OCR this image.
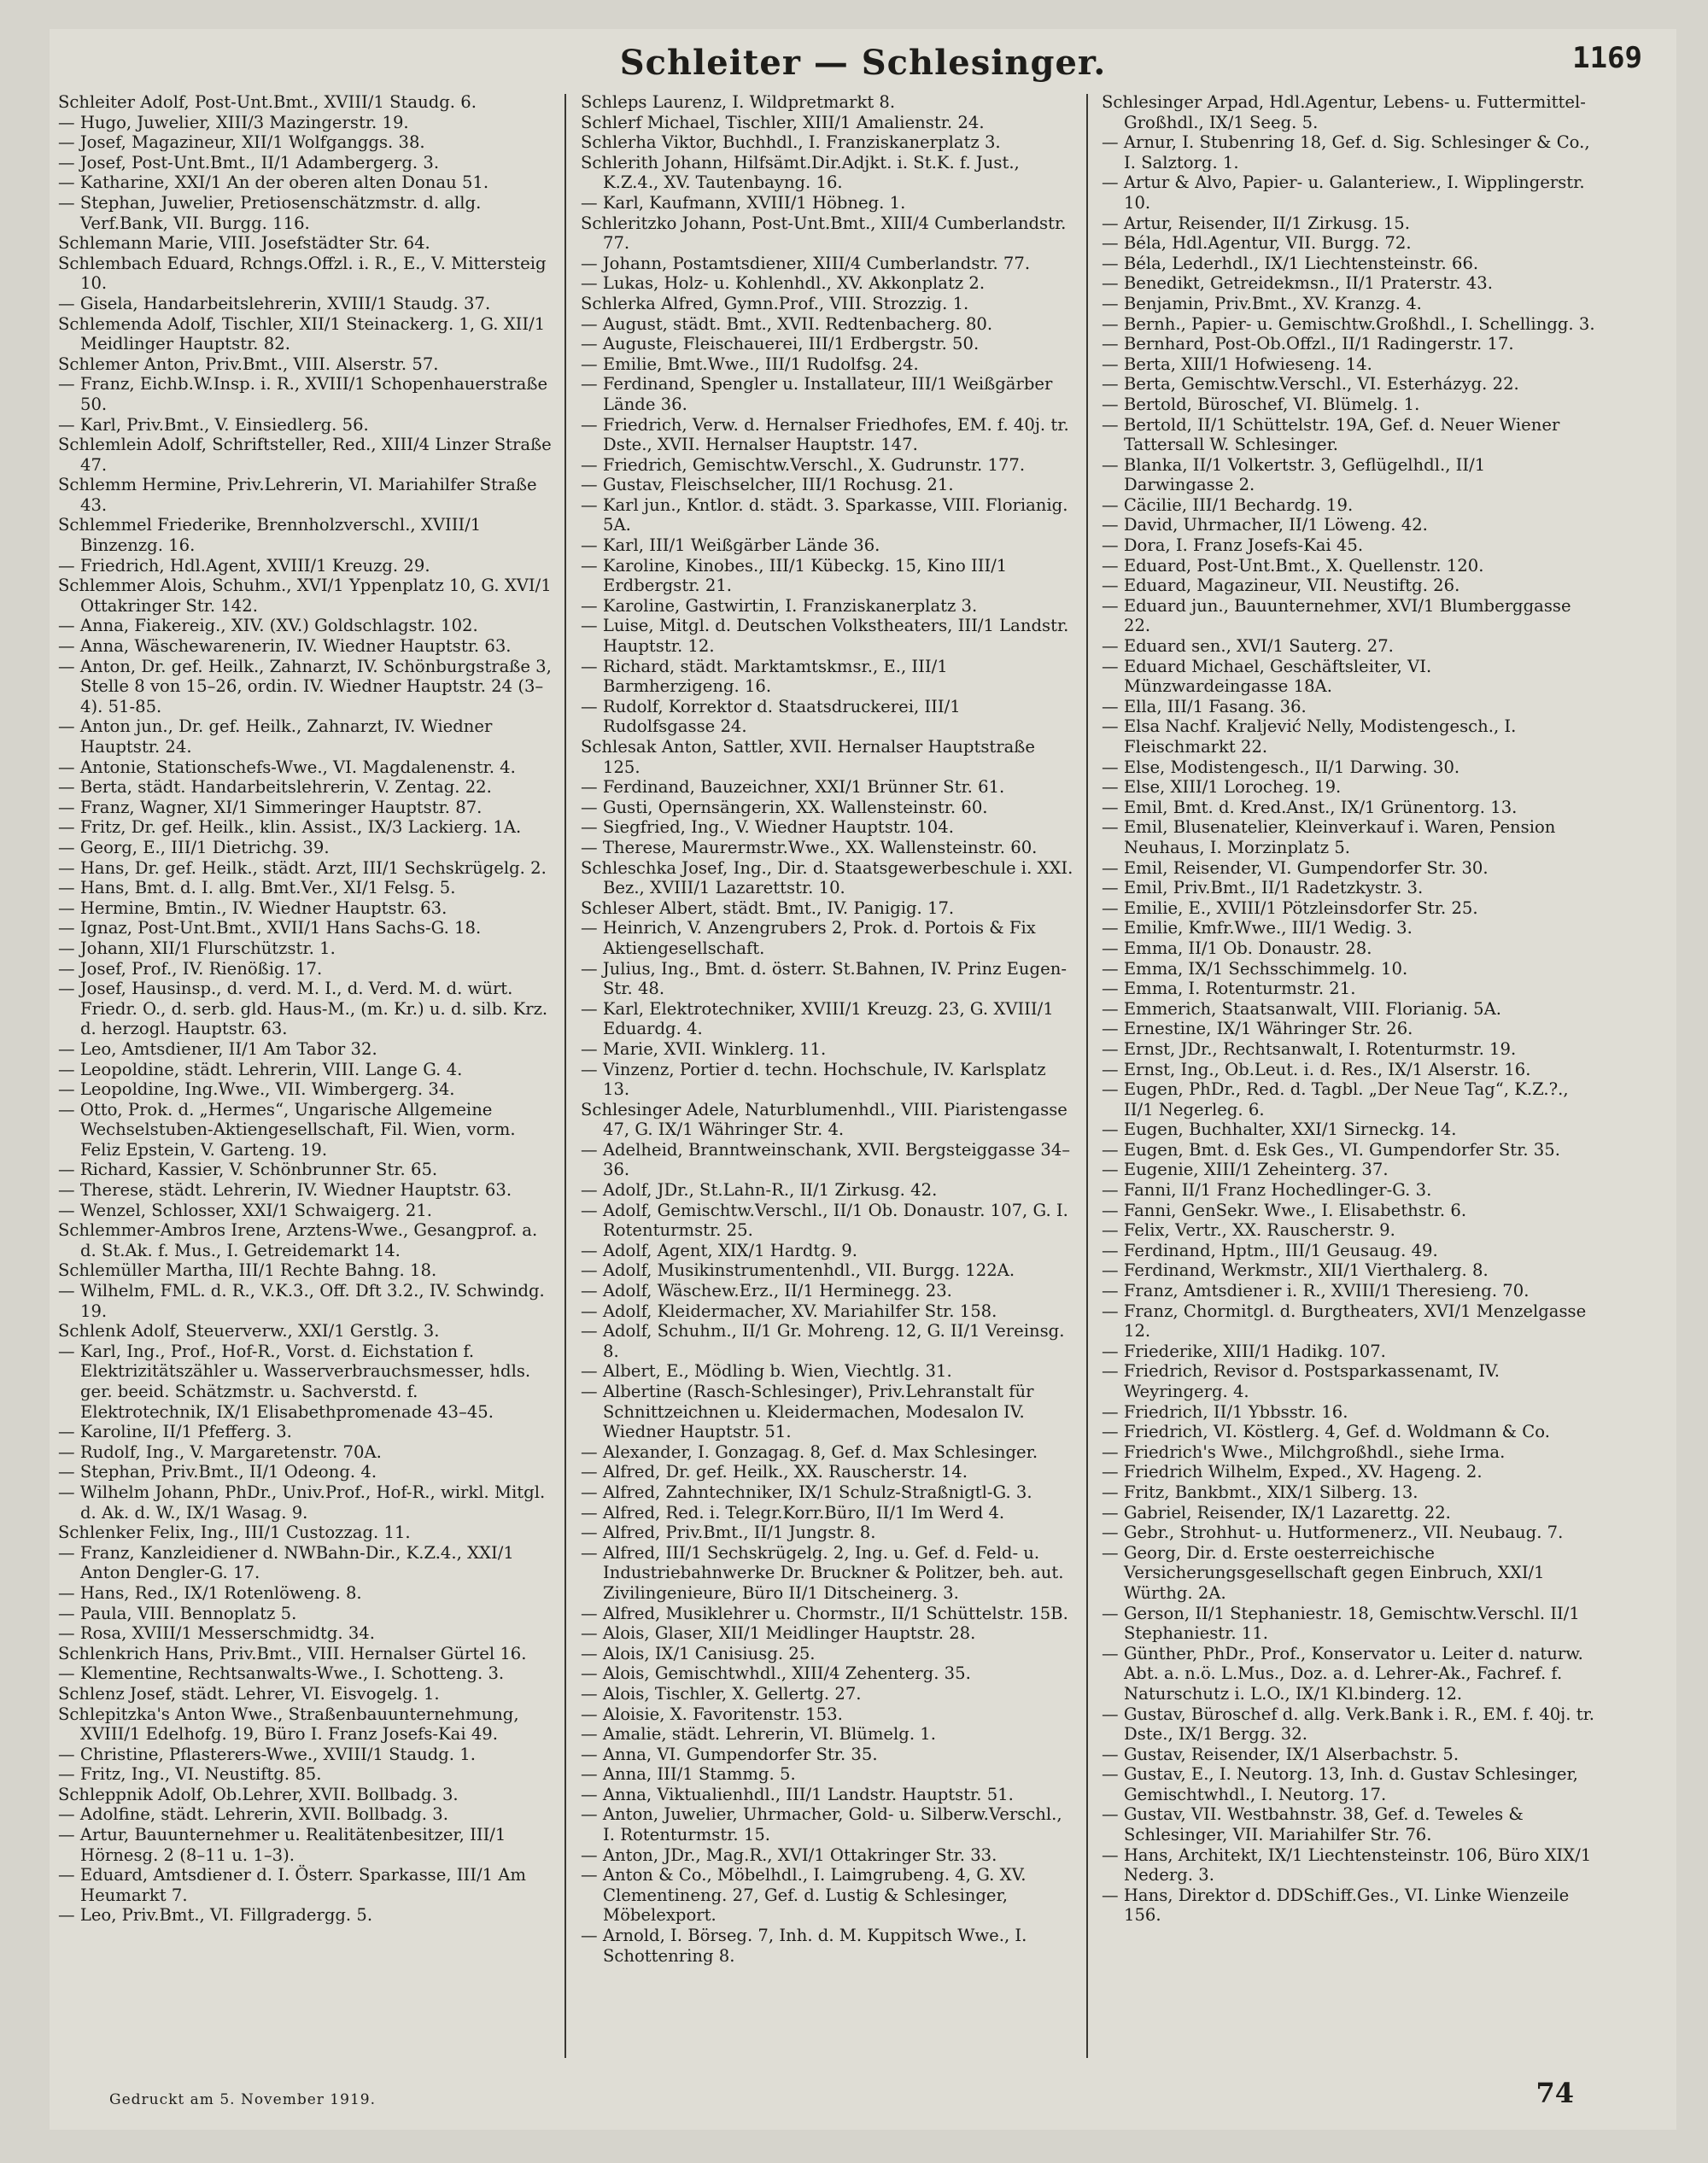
Schleiter — Schlesinger.	1169

Schleiter Adolf, Post-Unt.Bmt., XVIII/1 Staudg. 6.

— Hugo, Juwelier, XIII/3 Mazingerstr. 19.

— Josef, Magazineur, XII/1 Wolfganggs. 38.

— Josef, Post-Unt.Bmt., II/1 Adambergerg. 3.

— Katharine, XXI/1 An der oberen alten Donau 51.

— Stephan, Juwelier, Pretiosenschätzmstr. d. allg. Verf.Bank, VII. Burgg. 116.

Schlemann Marie, VIII. Josefstädter Str. 64.

Schlembach Eduard, Rchngs.Offzl. i. R., E., V. Mittersteig 10.

— Gisela, Handarbeitslehrerin, XVIII/1 Staudg. 37.

Schlemenda Adolf, Tischler, XII/1 Steinackerg. 1, G. XII/1 Meidlinger Hauptstr. 82.

Schlemer Anton, Priv.Bmt., VIII. Alserstr. 57.

— Franz, Eichb.W.Insp. i. R., XVIII/1 Schopenhauerstraße 50.

— Karl, Priv.Bmt., V. Einsiedlerg. 56.

Schlemlein Adolf, Schriftsteller, Red., XIII/4 Linzer Straße 47.

Schlemm Hermine, Priv.Lehrerin, VI. Mariahilfer Straße 43.

Schlemmel Friederike, Brennholzverschl., XVIII/1 Binzenzg. 16.

— Friedrich, Hdl.Agent, XVIII/1 Kreuzg. 29.

Schlemmer Alois, Schuhm., XVI/1 Yppenplatz 10, G. XVI/1 Ottakringer Str. 142.

— Anna, Fiakereig., XIV. (XV.) Goldschlagstr. 102.

— Anna, Wäschewarenerin, IV. Wiedner Hauptstr. 63.

— Anton, Dr. gef. Heilk., Zahnarzt, IV. Schönburgstraße 3, Stelle 8 von 15–26, ordin. IV. Wiedner Hauptstr. 24 (3–4). 51-85.

— Anton jun., Dr. gef. Heilk., Zahnarzt, IV. Wiedner Hauptstr. 24.

— Antonie, Stationschefs-Wwe., VI. Magdalenenstr. 4.

— Berta, städt. Handarbeitslehrerin, V. Zentag. 22.

— Franz, Wagner, XI/1 Simmeringer Hauptstr. 87.

— Fritz, Dr. gef. Heilk., klin. Assist., IX/3 Lackierg. 1A.

— Georg, E., III/1 Dietrichg. 39.

— Hans, Dr. gef. Heilk., städt. Arzt, III/1 Sechskrügelg. 2.

— Hans, Bmt. d. I. allg. Bmt.Ver., XI/1 Felsg. 5.

— Hermine, Bmtin., IV. Wiedner Hauptstr. 63.

— Ignaz, Post-Unt.Bmt., XVII/1 Hans Sachs-G. 18.

— Johann, XII/1 Flurschützstr. 1.

— Josef, Prof., IV. Rienößig. 17.

— Josef, Hausinsp., d. verd. M. I., d. Verd. M. d. würt. Friedr. O., d. serb. gld. Haus-M., (m. Kr.) u. d. silb. Krz. d. herzogl. Hauptstr. 63.

— Leo, Amtsdiener, II/1 Am Tabor 32.

— Leopoldine, städt. Lehrerin, VIII. Lange G. 4.

— Leopoldine, Ing.Wwe., VII. Wimbergerg. 34.

— Otto, Prok. d. „Hermes“, Ungarische Allgemeine Wechselstuben-Aktiengesellschaft, Fil. Wien, vorm. Feliz Epstein, V. Garteng. 19.

— Richard, Kassier, V. Schönbrunner Str. 65.

— Therese, städt. Lehrerin, IV. Wiedner Hauptstr. 63.

— Wenzel, Schlosser, XXI/1 Schwaigerg. 21.

Schlemmer-Ambros Irene, Arztens-Wwe., Gesangprof. a. d. St.Ak. f. Mus., I. Getreidemarkt 14.

Schlemüller Martha, III/1 Rechte Bahng. 18.

— Wilhelm, FML. d. R., V.K.3., Off. Dft 3.2., IV. Schwindg. 19.

Schlenk Adolf, Steuerverw., XXI/1 Gerstlg. 3.

— Karl, Ing., Prof., Hof-R., Vorst. d. Eichstation f. Elektrizitätszähler u. Wasserverbrauchsmesser, hdls. ger. beeid. Schätzmstr. u. Sachverstd. f. Elektrotechnik, IX/1 Elisabethpromenade 43–45.

— Karoline, II/1 Pfefferg. 3.

— Rudolf, Ing., V. Margaretenstr. 70A.

— Stephan, Priv.Bmt., II/1 Odeong. 4.

— Wilhelm Johann, PhDr., Univ.Prof., Hof-R., wirkl. Mitgl. d. Ak. d. W., IX/1 Wasag. 9.

Schlenker Felix, Ing., III/1 Custozzag. 11.

— Franz, Kanzleidiener d. NWBahn-Dir., K.Z.4., XXI/1 Anton Dengler-G. 17.

— Hans, Red., IX/1 Rotenlöweng. 8.

— Paula, VIII. Bennoplatz 5.

— Rosa, XVIII/1 Messerschmidtg. 34.

Schlenkrich Hans, Priv.Bmt., VIII. Hernalser Gürtel 16.

— Klementine, Rechtsanwalts-Wwe., I. Schotteng. 3.

Schlenz Josef, städt. Lehrer, VI. Eisvogelg. 1.

Schlepitzka's Anton Wwe., Straßenbauunternehmung, XVIII/1 Edelhofg. 19, Büro I. Franz Josefs-Kai 49.

— Christine, Pflasterers-Wwe., XVIII/1 Staudg. 1.

— Fritz, Ing., VI. Neustiftg. 85.

Schleppnik Adolf, Ob.Lehrer, XVII. Bollbadg. 3.

— Adolfine, städt. Lehrerin, XVII. Bollbadg. 3.

— Artur, Bauunternehmer u. Realitätenbesitzer, III/1 Hörnesg. 2 (8–11 u. 1–3).

— Eduard, Amtsdiener d. I. Österr. Sparkasse, III/1 Am Heumarkt 7.

— Leo, Priv.Bmt., VI. Fillgradergg. 5.

Schleps Laurenz, I. Wildpretmarkt 8.

Schlerf Michael, Tischler, XIII/1 Amalienstr. 24.

Schlerha Viktor, Buchhdl., I. Franziskanerplatz 3.

Schlerith Johann, Hilfsämt.Dir.Adjkt. i. St.K. f. Just., K.Z.4., XV. Tautenbayng. 16.

— Karl, Kaufmann, XVIII/1 Höbneg. 1.

Schleritzko Johann, Post-Unt.Bmt., XIII/4 Cumberlandstr. 77.

— Johann, Postamtsdiener, XIII/4 Cumberlandstr. 77.

— Lukas, Holz- u. Kohlenhdl., XV. Akkonplatz 2.

Schlerka Alfred, Gymn.Prof., VIII. Strozzig. 1.

— August, städt. Bmt., XVII. Redtenbacherg. 80.

— Auguste, Fleischauerei, III/1 Erdbergstr. 50.

— Emilie, Bmt.Wwe., III/1 Rudolfsg. 24.

— Ferdinand, Spengler u. Installateur, III/1 Weißgärber Lände 36.

— Friedrich, Verw. d. Hernalser Friedhofes, EM. f. 40j. tr. Dste., XVII. Hernalser Hauptstr. 147.

— Friedrich, Gemischtw.Verschl., X. Gudrunstr. 177.

— Gustav, Fleischselcher, III/1 Rochusg. 21.

— Karl jun., Kntlor. d. städt. 3. Sparkasse, VIII. Florianig. 5A.

— Karl, III/1 Weißgärber Lände 36.

— Karoline, Kinobes., III/1 Kübeckg. 15, Kino III/1 Erdbergstr. 21.

— Karoline, Gastwirtin, I. Franziskanerplatz 3.

— Luise, Mitgl. d. Deutschen Volkstheaters, III/1 Landstr. Hauptstr. 12.

— Richard, städt. Marktamtskmsr., E., III/1 Barmherzigeng. 16.

— Rudolf, Korrektor d. Staatsdruckerei, III/1 Rudolfsgasse 24.

Schlesak Anton, Sattler, XVII. Hernalser Hauptstraße 125.

— Ferdinand, Bauzeichner, XXI/1 Brünner Str. 61.

— Gusti, Opernsängerin, XX. Wallensteinstr. 60.

— Siegfried, Ing., V. Wiedner Hauptstr. 104.

— Therese, Maurermstr.Wwe., XX. Wallensteinstr. 60.

Schleschka Josef, Ing., Dir. d. Staatsgewerbeschule i. XXI. Bez., XVIII/1 Lazarettstr. 10.

Schleser Albert, städt. Bmt., IV. Panigig. 17.

— Heinrich, V. Anzengrubers 2, Prok. d. Portois & Fix Aktiengesellschaft.

— Julius, Ing., Bmt. d. österr. St.Bahnen, IV. Prinz Eugen-Str. 48.

— Karl, Elektrotechniker, XVIII/1 Kreuzg. 23, G. XVIII/1 Eduardg. 4.

— Marie, XVII. Winklerg. 11.

— Vinzenz, Portier d. techn. Hochschule, IV. Karlsplatz 13.

Schlesinger Adele, Naturblumenhdl., VIII. Piaristengasse 47, G. IX/1 Währinger Str. 4.

— Adelheid, Branntweinschank, XVII. Bergsteiggasse 34–36.

— Adolf, JDr., St.Lahn-R., II/1 Zirkusg. 42.

— Adolf, Gemischtw.Verschl., II/1 Ob. Donaustr. 107, G. I. Rotenturmstr. 25.

— Adolf, Agent, XIX/1 Hardtg. 9.

— Adolf, Musikinstrumentenhdl., VII. Burgg. 122A.

— Adolf, Wäschew.Erz., II/1 Herminegg. 23.

— Adolf, Kleidermacher, XV. Mariahilfer Str. 158.

— Adolf, Schuhm., II/1 Gr. Mohreng. 12, G. II/1 Vereinsg. 8.

— Albert, E., Mödling b. Wien, Viechtlg. 31.

— Albertine (Rasch-Schlesinger), Priv.Lehranstalt für Schnittzeichnen u. Kleidermachen, Modesalon IV. Wiedner Hauptstr. 51.

— Alexander, I. Gonzagag. 8, Gef. d. Max Schlesinger.

— Alfred, Dr. gef. Heilk., XX. Rauscherstr. 14.

— Alfred, Zahntechniker, IX/1 Schulz-Straßnigtl-G. 3.

— Alfred, Red. i. Telegr.Korr.Büro, II/1 Im Werd 4.

— Alfred, Priv.Bmt., II/1 Jungstr. 8.

— Alfred, III/1 Sechskrügelg. 2, Ing. u. Gef. d. Feld- u. Industriebahnwerke Dr. Bruckner & Politzer, beh. aut. Zivilingenieure, Büro II/1 Ditscheinerg. 3.

— Alfred, Musiklehrer u. Chormstr., II/1 Schüttelstr. 15B.

— Alois, Glaser, XII/1 Meidlinger Hauptstr. 28.

— Alois, IX/1 Canisiusg. 25.

— Alois, Gemischtwhdl., XIII/4 Zehenterg. 35.

— Alois, Tischler, X. Gellertg. 27.

— Aloisie, X. Favoritenstr. 153.

— Amalie, städt. Lehrerin, VI. Blümelg. 1.

— Anna, VI. Gumpendorfer Str. 35.

— Anna, III/1 Stammg. 5.

— Anna, Viktualienhdl., III/1 Landstr. Hauptstr. 51.

— Anton, Juwelier, Uhrmacher, Gold- u. Silberw.Verschl., I. Rotenturmstr. 15.

— Anton, JDr., Mag.R., XVI/1 Ottakringer Str. 33.

— Anton & Co., Möbelhdl., I. Laimgrubeng. 4, G. XV. Clementineng. 27, Gef. d. Lustig & Schlesinger, Möbelexport.

— Arnold, I. Börseg. 7, Inh. d. M. Kuppitsch Wwe., I. Schottenring 8.

Schlesinger Arpad, Hdl.Agentur, Lebens- u. Futtermittel-Großhdl., IX/1 Seeg. 5.

— Arnur, I. Stubenring 18, Gef. d. Sig. Schlesinger & Co., I. Salztorg. 1.

— Artur & Alvo, Papier- u. Galanteriew., I. Wipplingerstr. 10.

— Artur, Reisender, II/1 Zirkusg. 15.

— Béla, Hdl.Agentur, VII. Burgg. 72.

— Béla, Lederhdl., IX/1 Liechtensteinstr. 66.

— Benedikt, Getreidekmsn., II/1 Praterstr. 43.

— Benjamin, Priv.Bmt., XV. Kranzg. 4.

— Bernh., Papier- u. Gemischtw.Großhdl., I. Schellingg. 3.

— Bernhard, Post-Ob.Offzl., II/1 Radingerstr. 17.

— Berta, XIII/1 Hofwieseng. 14.

— Berta, Gemischtw.Verschl., VI. Esterházyg. 22.

— Bertold, Büroschef, VI. Blümelg. 1.

— Bertold, II/1 Schüttelstr. 19A, Gef. d. Neuer Wiener Tattersall W. Schlesinger.

— Blanka, II/1 Volkertstr. 3, Geflügelhdl., II/1 Darwingasse 2.

— Cäcilie, III/1 Bechardg. 19.

— David, Uhrmacher, II/1 Löweng. 42.

— Dora, I. Franz Josefs-Kai 45.

— Eduard, Post-Unt.Bmt., X. Quellenstr. 120.

— Eduard, Magazineur, VII. Neustiftg. 26.

— Eduard jun., Bauunternehmer, XVI/1 Blumberggasse 22.

— Eduard sen., XVI/1 Sauterg. 27.

— Eduard Michael, Geschäftsleiter, VI. Münzwardeingasse 18A.

— Ella, III/1 Fasang. 36.

— Elsa Nachf. Kraljević Nelly, Modistengesch., I. Fleischmarkt 22.

— Else, Modistengesch., II/1 Darwing. 30.

— Else, XIII/1 Lorocheg. 19.

— Emil, Bmt. d. Kred.Anst., IX/1 Grünentorg. 13.

— Emil, Blusenatelier, Kleinverkauf i. Waren, Pension Neuhaus, I. Morzinplatz 5.

— Emil, Reisender, VI. Gumpendorfer Str. 30.

— Emil, Priv.Bmt., II/1 Radetzkystr. 3.

— Emilie, E., XVIII/1 Pötzleinsdorfer Str. 25.

— Emilie, Kmfr.Wwe., III/1 Wedig. 3.

— Emma, II/1 Ob. Donaustr. 28.

— Emma, IX/1 Sechsschimmelg. 10.

— Emma, I. Rotenturmstr. 21.

— Emmerich, Staatsanwalt, VIII. Florianig. 5A.

— Ernestine, IX/1 Währinger Str. 26.

— Ernst, JDr., Rechtsanwalt, I. Rotenturmstr. 19.

— Ernst, Ing., Ob.Leut. i. d. Res., IX/1 Alserstr. 16.

— Eugen, PhDr., Red. d. Tagbl. „Der Neue Tag“, K.Z.?., II/1 Negerleg. 6.

— Eugen, Buchhalter, XXI/1 Sirneckg. 14.

— Eugen, Bmt. d. Esk Ges., VI. Gumpendorfer Str. 35.

— Eugenie, XIII/1 Zeheinterg. 37.

— Fanni, II/1 Franz Hochedlinger-G. 3.

— Fanni, GenSekr. Wwe., I. Elisabethstr. 6.

— Felix, Vertr., XX. Rauscherstr. 9.

— Ferdinand, Hptm., III/1 Geusaug. 49.

— Ferdinand, Werkmstr., XII/1 Vierthalerg. 8.

— Franz, Amtsdiener i. R., XVIII/1 Theresieng. 70.

— Franz, Chormitgl. d. Burgtheaters, XVI/1 Menzelgasse 12.

— Friederike, XIII/1 Hadikg. 107.

— Friedrich, Revisor d. Postsparkassenamt, IV. Weyringerg. 4.

— Friedrich, II/1 Ybbsstr. 16.

— Friedrich, VI. Köstlerg. 4, Gef. d. Woldmann & Co.

— Friedrich's Wwe., Milchgroßhdl., siehe Irma.

— Friedrich Wilhelm, Exped., XV. Hageng. 2.

— Fritz, Bankbmt., XIX/1 Silberg. 13.

— Gabriel, Reisender, IX/1 Lazarettg. 22.

— Gebr., Strohhut- u. Hutformenerz., VII. Neubaug. 7.

— Georg, Dir. d. Erste oesterreichische Versicherungsgesellschaft gegen Einbruch, XXI/1 Würthg. 2A.

— Gerson, II/1 Stephaniestr. 18, Gemischtw.Verschl. II/1 Stephaniestr. 11.

— Günther, PhDr., Prof., Konservator u. Leiter d. naturw. Abt. a. n.ö. L.Mus., Doz. a. d. Lehrer-Ak., Fachref. f. Naturschutz i. L.O., IX/1 Kl.binderg. 12.

— Gustav, Büroschef d. allg. Verk.Bank i. R., EM. f. 40j. tr. Dste., IX/1 Bergg. 32.

— Gustav, Reisender, IX/1 Alserbachstr. 5.

— Gustav, E., I. Neutorg. 13, Inh. d. Gustav Schlesinger, Gemischtwhdl., I. Neutorg. 17.

— Gustav, VII. Westbahnstr. 38, Gef. d. Teweles & Schlesinger, VII. Mariahilfer Str. 76.

— Hans, Architekt, IX/1 Liechtensteinstr. 106, Büro XIX/1 Nederg. 3.

— Hans, Direktor d. DDSchiff.Ges., VI. Linke Wienzeile 156.

Gedruckt am 5. November 1919.	74
